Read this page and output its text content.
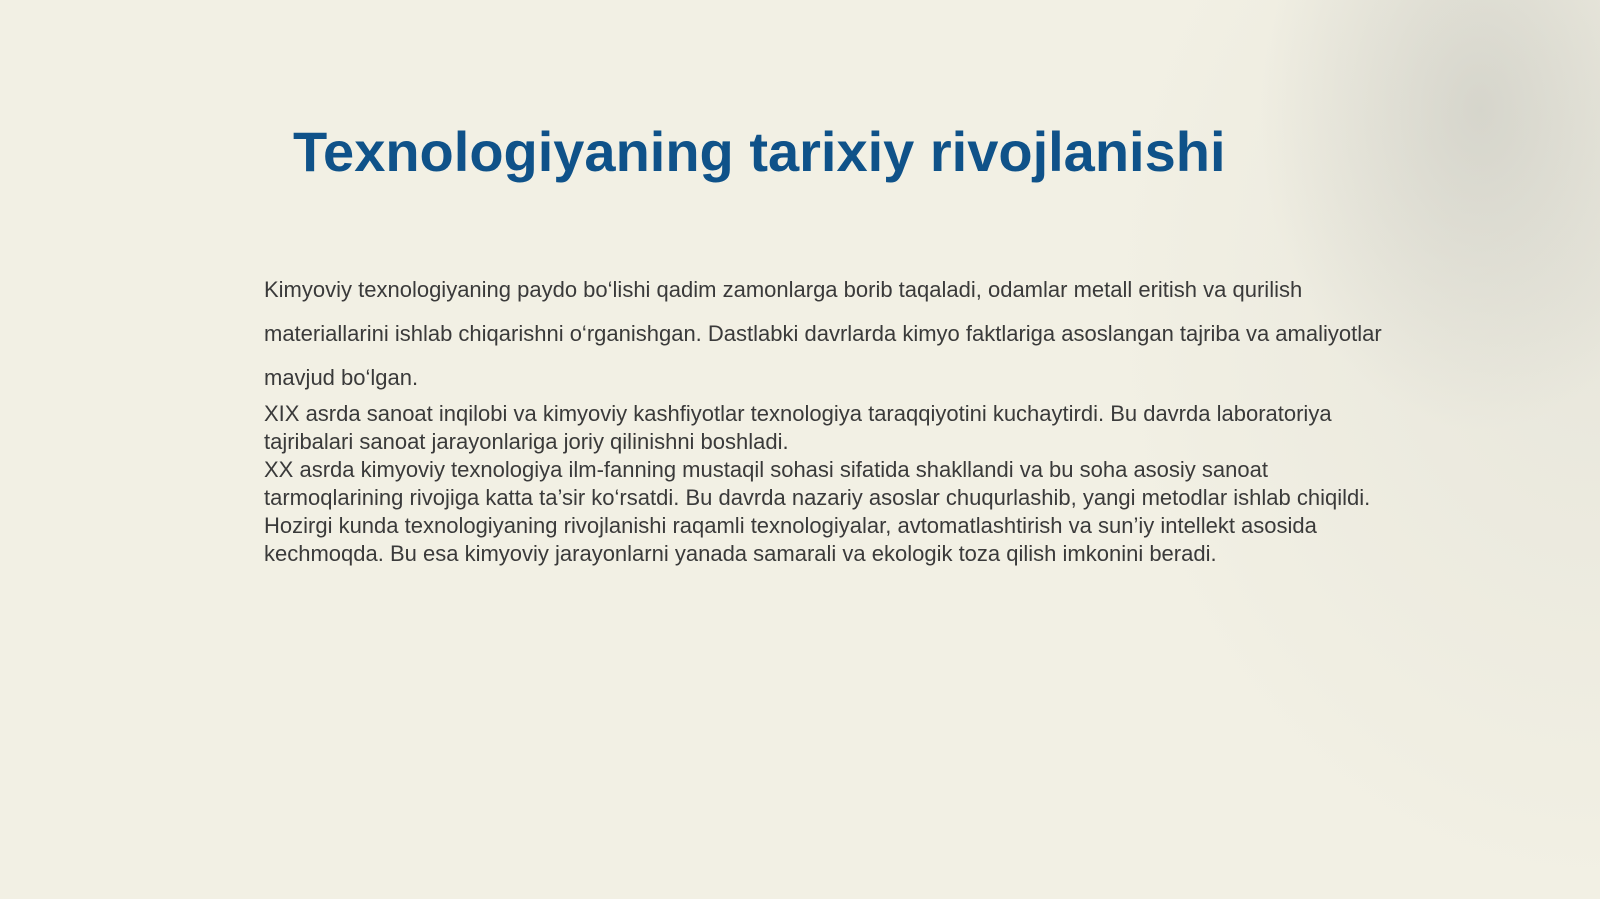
Texnologiyaning tarixiy rivojlanishi

Kimyoviy texnologiyaning paydo bo‘lishi qadim zamonlarga borib taqaladi, odamlar metall eritish va qurilish materiallarini ishlab chiqarishni o‘rganishgan. Dastlabki davrlarda kimyo faktlariga asoslangan tajriba va amaliyotlar mavjud bo‘lgan.

XIX asrda sanoat inqilobi va kimyoviy kashfiyotlar texnologiya taraqqiyotini kuchaytirdi. Bu davrda laboratoriya tajribalari sanoat jarayonlariga joriy qilinishni boshladi.

XX asrda kimyoviy texnologiya ilm-fanning mustaqil sohasi sifatida shakllandi va bu soha asosiy sanoat tarmoqlarining rivojiga katta ta’sir ko‘rsatdi. Bu davrda nazariy asoslar chuqurlashib, yangi metodlar ishlab chiqildi.

Hozirgi kunda texnologiyaning rivojlanishi raqamli texnologiyalar, avtomatlashtirish va sun’iy intellekt asosida kechmoqda. Bu esa kimyoviy jarayonlarni yanada samarali va ekologik toza qilish imkonini beradi.
